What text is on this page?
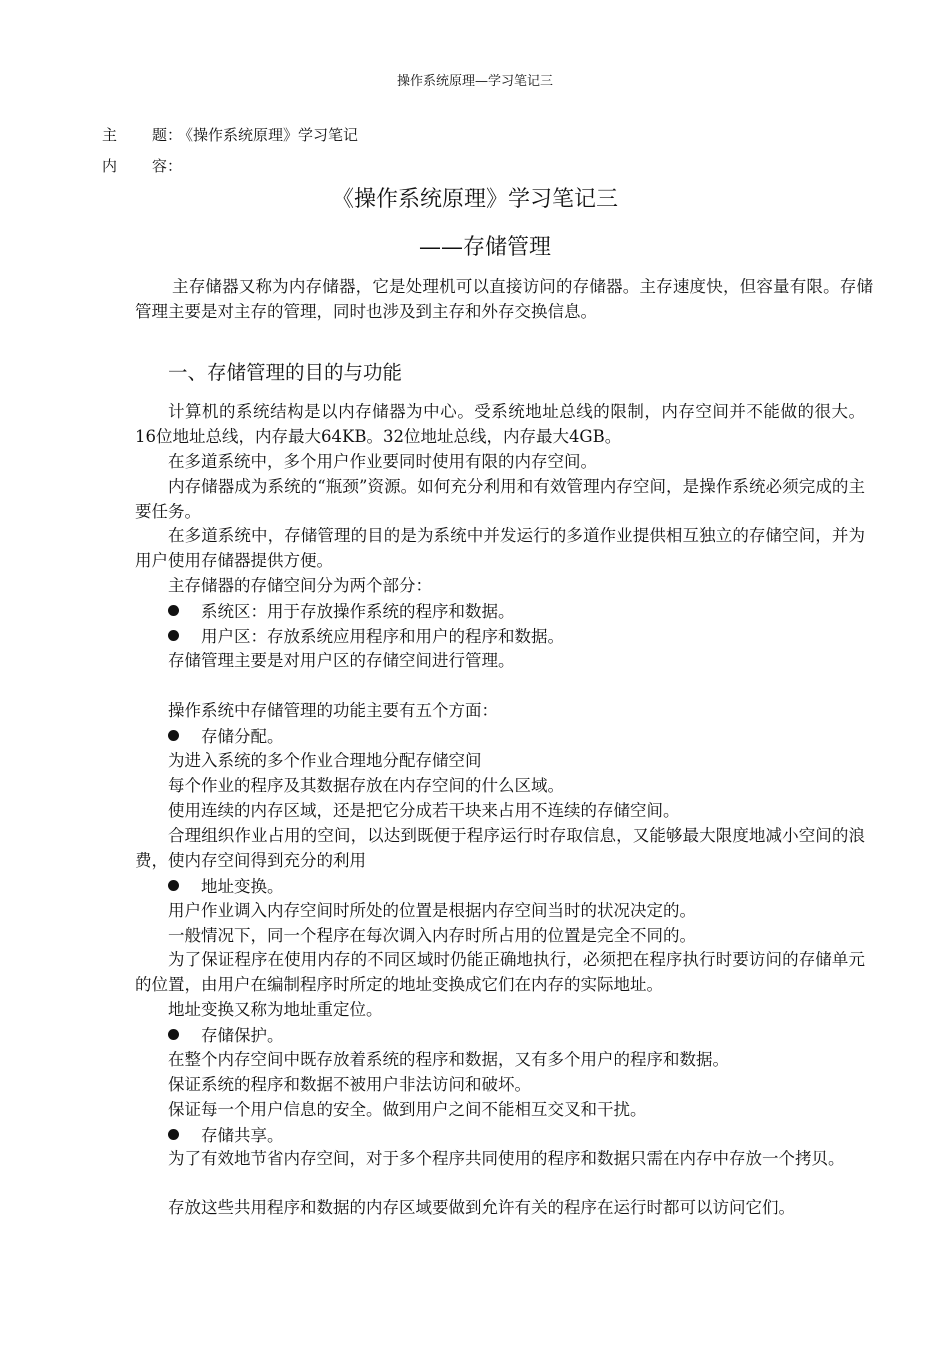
操作系统原理—学习笔记三
主 题：《操作系统原理》学习笔记
内 容：
《操作系统原理》学习笔记三
——存储管理
主存储器又称为内存储器，它是处理机可以直接访问的存储器。主存速度快，但容量有限。存储管理主要是对主存的管理，同时也涉及到主存和外存交换信息。
一、存储管理的目的与功能
计算机的系统结构是以内存储器为中心。受系统地址总线的限制，内存空间并不能做的很大。16位地址总线，内存最大64KB。32位地址总线，内存最大4GB。
在多道系统中，多个用户作业要同时使用有限的内存空间。
内存储器成为系统的“瓶颈”资源。如何充分利用和有效管理内存空间，是操作系统必须完成的主要任务。
在多道系统中，存储管理的目的是为系统中并发运行的多道作业提供相互独立的存储空间，并为用户使用存储器提供方便。
主存储器的存储空间分为两个部分：
系统区：用于存放操作系统的程序和数据。
用户区：存放系统应用程序和用户的程序和数据。
存储管理主要是对用户区的存储空间进行管理。
操作系统中存储管理的功能主要有五个方面：
存储分配。
为进入系统的多个作业合理地分配存储空间
每个作业的程序及其数据存放在内存空间的什么区域。
使用连续的内存区域，还是把它分成若干块来占用不连续的存储空间。
合理组织作业占用的空间，以达到既便于程序运行时存取信息，又能够最大限度地减小空间的浪费，使内存空间得到充分的利用
地址变换。
用户作业调入内存空间时所处的位置是根据内存空间当时的状况决定的。
一般情况下，同一个程序在每次调入内存时所占用的位置是完全不同的。
为了保证程序在使用内存的不同区域时仍能正确地执行，必须把在程序执行时要访问的存储单元的位置，由用户在编制程序时所定的地址变换成它们在内存的实际地址。
地址变换又称为地址重定位。
存储保护。
在整个内存空间中既存放着系统的程序和数据，又有多个用户的程序和数据。
保证系统的程序和数据不被用户非法访问和破坏。
保证每一个用户信息的安全。做到用户之间不能相互交叉和干扰。
存储共享。
为了有效地节省内存空间，对于多个程序共同使用的程序和数据只需在内存中存放一个拷贝。
存放这些共用程序和数据的内存区域要做到允许有关的程序在运行时都可以访问它们。
